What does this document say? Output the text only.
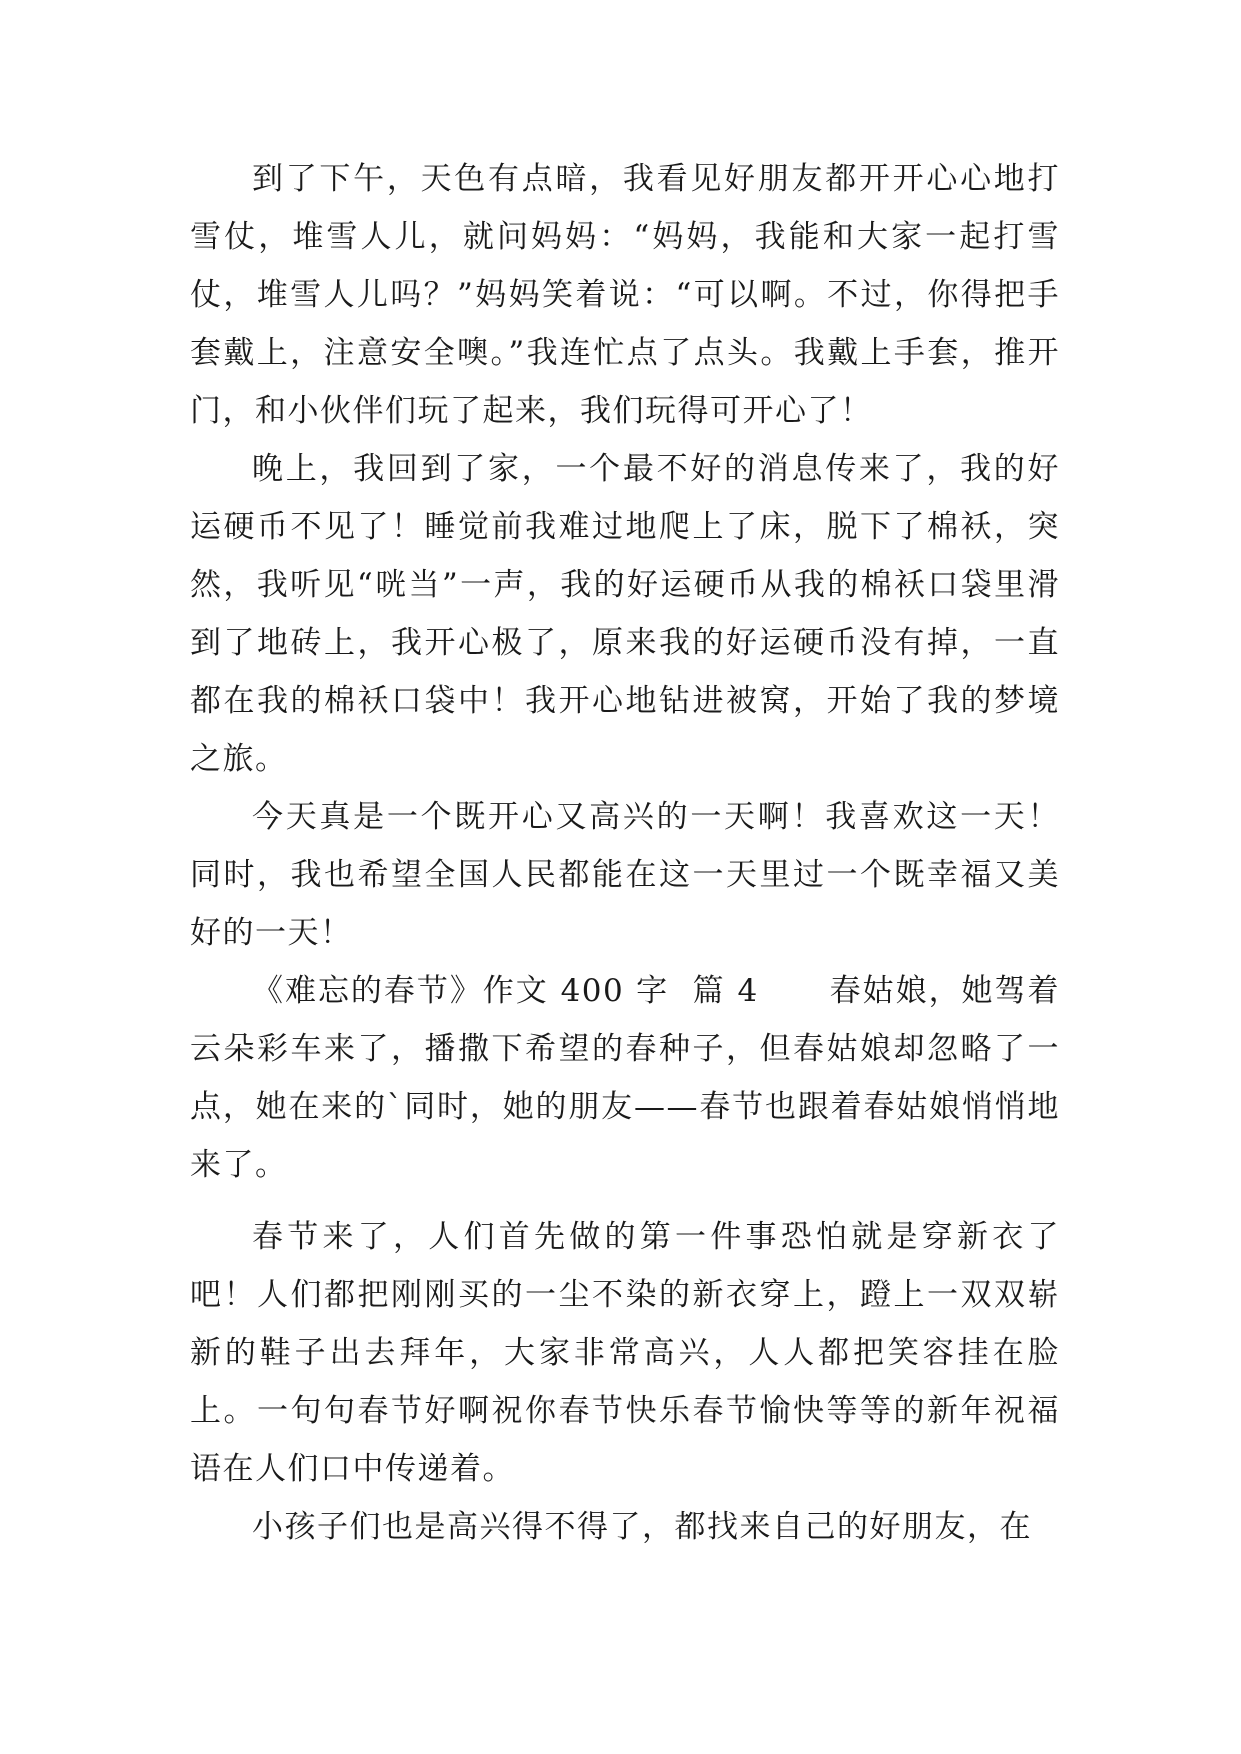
到了下午，天色有点暗，我看见好朋友都开开心心地打雪仗，堆雪人儿，就问妈妈：“妈妈，我能和大家一起打雪仗，堆雪人儿吗？”妈妈笑着说：“可以啊。不过，你得把手套戴上，注意安全噢。”我连忙点了点头。我戴上手套，推开门，和小伙伴们玩了起来，我们玩得可开心了！

晚上，我回到了家，一个最不好的消息传来了，我的好运硬币不见了！睡觉前我难过地爬上了床，脱下了棉袄，突然，我听见“咣当”一声，我的好运硬币从我的棉袄口袋里滑到了地砖上，我开心极了，原来我的好运硬币没有掉，一直都在我的棉袄口袋中！我开心地钻进被窝，开始了我的梦境之旅。

今天真是一个既开心又高兴的一天啊！我喜欢这一天！同时，我也希望全国人民都能在这一天里过一个既幸福又美好的一天！

《难忘的春节》作文 400 字  篇 4      春姑娘，她驾着云朵彩车来了，播撒下希望的春种子，但春姑娘却忽略了一点，她在来的`同时，她的朋友——春节也跟着春姑娘悄悄地来了。

春节来了，人们首先做的第一件事恐怕就是穿新衣了吧！人们都把刚刚买的一尘不染的新衣穿上，蹬上一双双崭新的鞋子出去拜年，大家非常高兴，人人都把笑容挂在脸上。一句句春节好啊祝你春节快乐春节愉快等等的新年祝福语在人们口中传递着。

小孩子们也是高兴得不得了，都找来自己的好朋友，在
